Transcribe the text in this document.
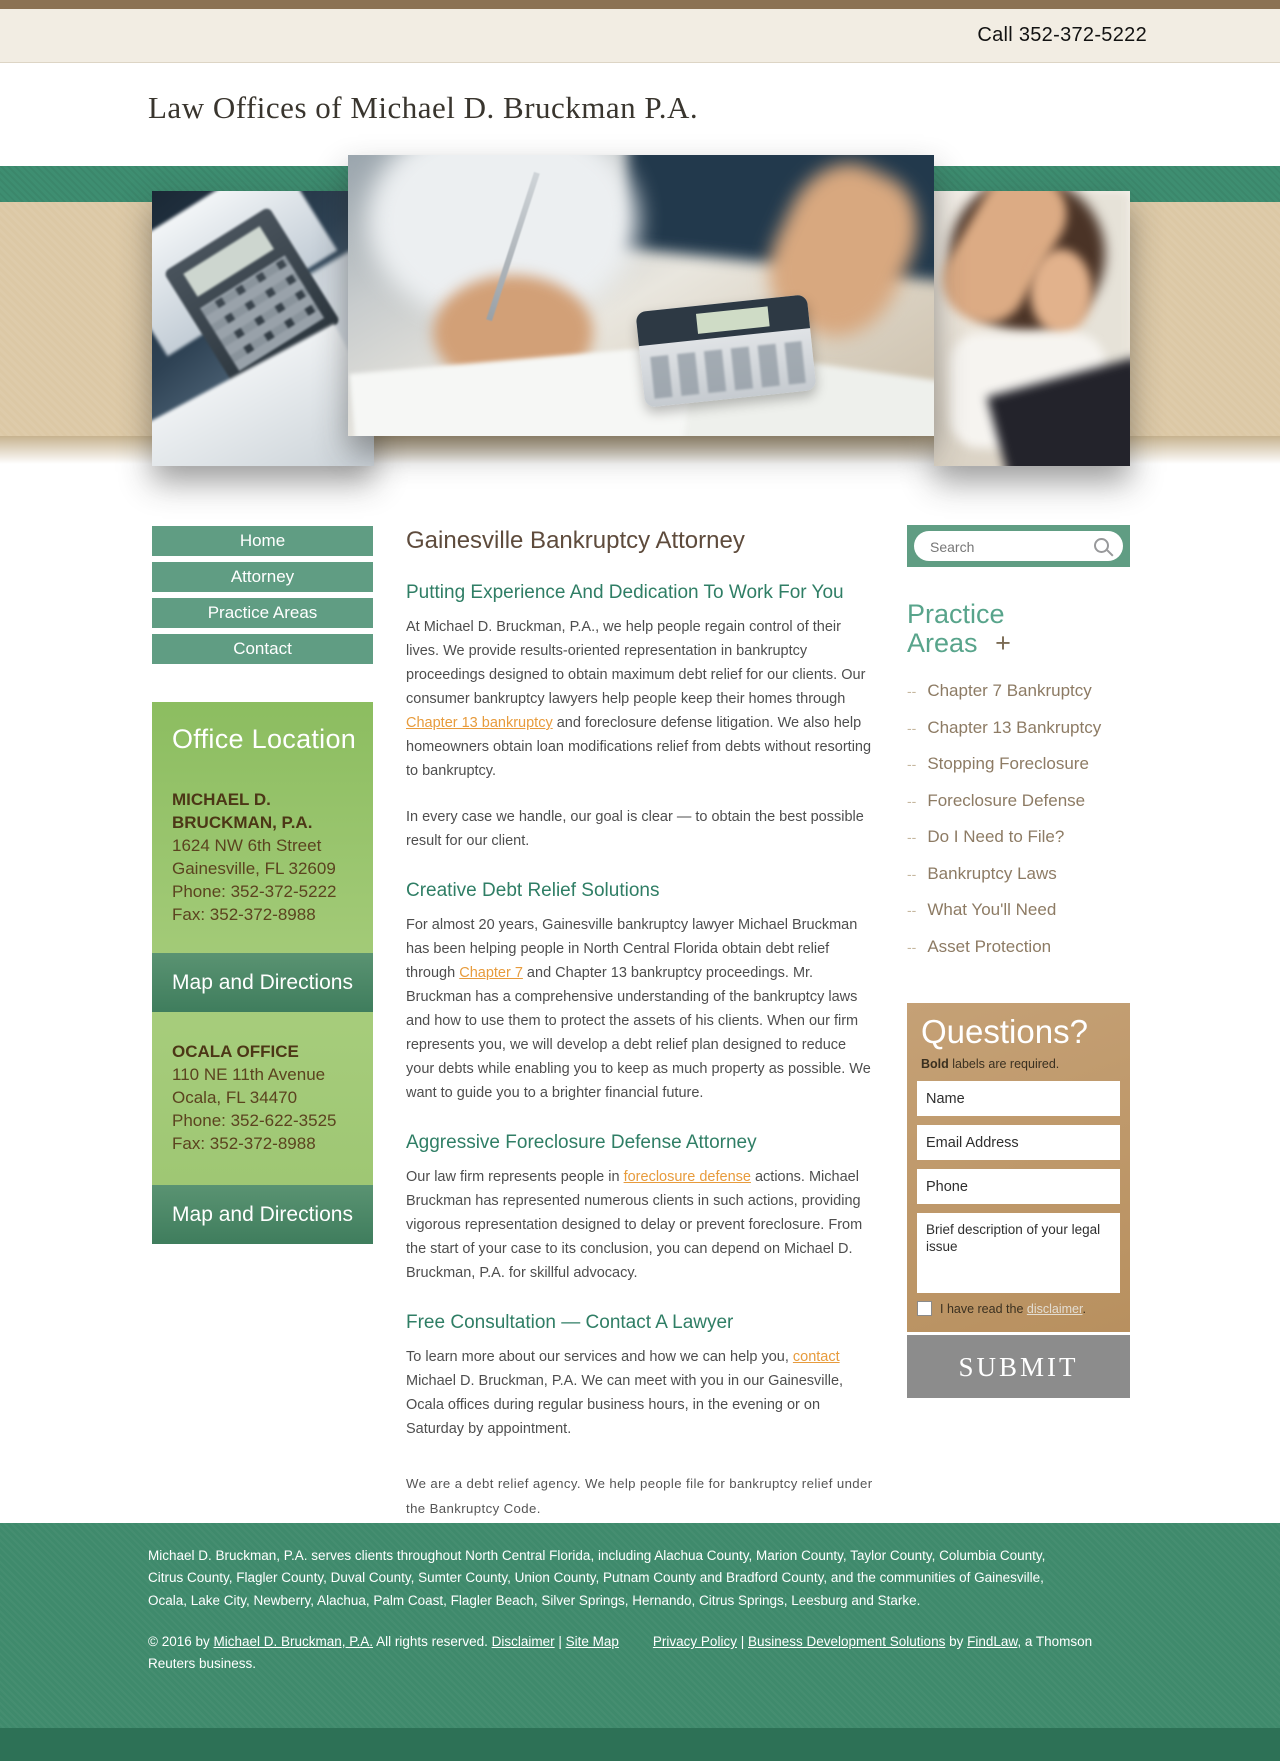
Call 352-372-5222
Law Offices of Michael D. Bruckman P.A.
Home
Attorney
Practice Areas
Contact
Office Location
MICHAEL D.
BRUCKMAN, P.A.
1624 NW 6th Street
Gainesville, FL 32609
Phone: 352-372-5222
Fax: 352-372-8988
Map and Directions
OCALA OFFICE
110 NE 11th Avenue
Ocala, FL 34470
Phone: 352-622-3525
Fax: 352-372-8988
Map and Directions
Gainesville Bankruptcy Attorney
Putting Experience And Dedication To Work For You

At Michael D. Bruckman, P.A., we help people regain control of their lives. We provide results-oriented representation in bankruptcy proceedings designed to obtain maximum debt relief for our clients. Our consumer bankruptcy lawyers help people keep their homes through Chapter 13 bankruptcy and foreclosure defense litigation. We also help homeowners obtain loan modifications relief from debts without resorting to bankruptcy.

In every case we handle, our goal is clear — to obtain the best possible result for our client.

Creative Debt Relief Solutions

For almost 20 years, Gainesville bankruptcy lawyer Michael Bruckman has been helping people in North Central Florida obtain debt relief through Chapter 7 and Chapter 13 bankruptcy proceedings. Mr. Bruckman has a comprehensive understanding of the bankruptcy laws and how to use them to protect the assets of his clients. When our firm represents you, we will develop a debt relief plan designed to reduce your debts while enabling you to keep as much property as possible. We want to guide you to a brighter financial future.

Aggressive Foreclosure Defense Attorney

Our law firm represents people in foreclosure defense actions. Michael Bruckman has represented numerous clients in such actions, providing vigorous representation designed to delay or prevent foreclosure. From the start of your case to its conclusion, you can depend on Michael D. Bruckman, P.A. for skillful advocacy.

Free Consultation — Contact A Lawyer

To learn more about our services and how we can help you, contact Michael D. Bruckman, P.A. We can meet with you in our Gainesville, Ocala offices during regular business hours, in the evening or on Saturday by appointment.

We are a debt relief agency. We help people file for bankruptcy relief under the Bankruptcy Code.

Search
Practice
Areas +
-- Chapter 7 Bankruptcy
-- Chapter 13 Bankruptcy
-- Stopping Foreclosure
-- Foreclosure Defense
-- Do I Need to File?
-- Bankruptcy Laws
-- What You'll Need
-- Asset Protection
Questions?
Bold labels are required.
Name
Email Address
Phone
Brief description of your legal issue
I have read the disclaimer.
SUBMIT

Michael D. Bruckman, P.A. serves clients throughout North Central Florida, including Alachua County, Marion County, Taylor County, Columbia County, Citrus County, Flagler County, Duval County, Sumter County, Union County, Putnam County and Bradford County, and the communities of Gainesville, Ocala, Lake City, Newberry, Alachua, Palm Coast, Flagler Beach, Silver Springs, Hernando, Citrus Springs, Leesburg and Starke.

© 2016 by Michael D. Bruckman, P.A. All rights reserved. Disclaimer | Site Map	Privacy Policy | Business Development Solutions by FindLaw, a Thomson Reuters business.
